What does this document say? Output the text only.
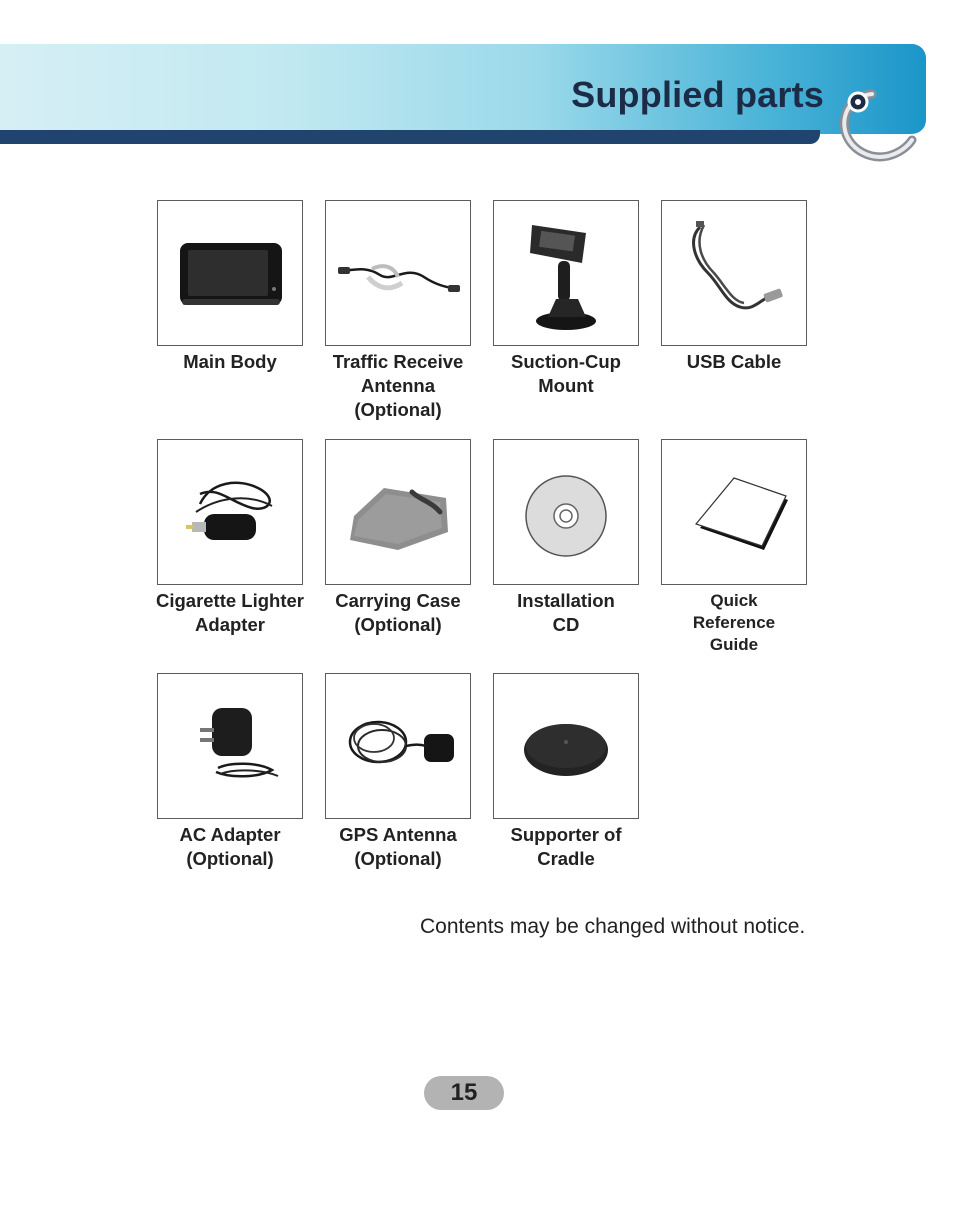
Supplied parts
Main Body	Traffic Receive
Antenna
(Optional)
Suction-Cup
Mount
USB Cable
Cigarette Lighter
Adapter
Carrying Case
(Optional)
Installation
CD
Quick
Reference
Guide
AC Adapter
(Optional)
GPS Antenna
(Optional)
Supporter of
Cradle
Contents may be changed without notice.
15
